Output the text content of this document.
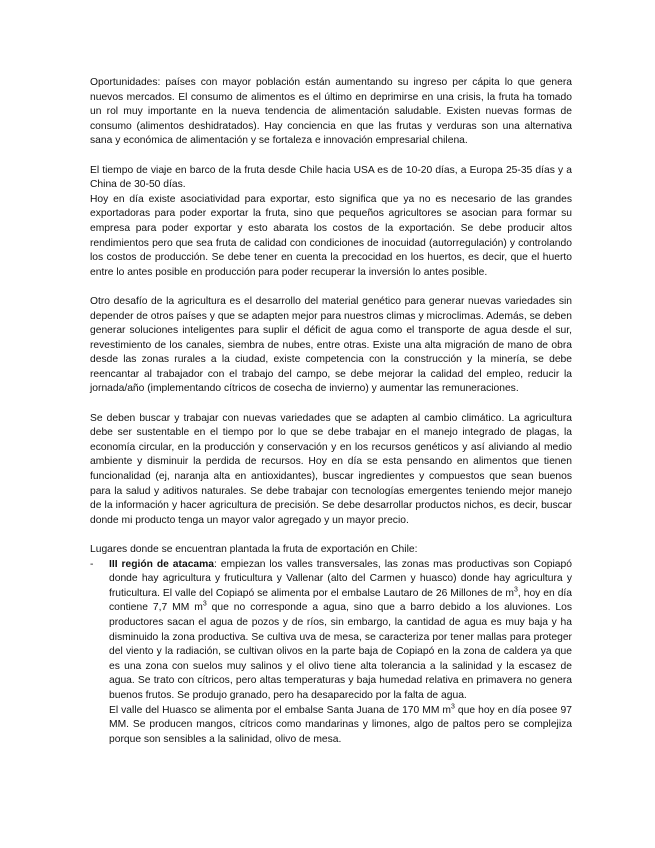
Oportunidades: países con mayor población están aumentando su ingreso per cápita lo que genera nuevos mercados. El consumo de alimentos es el último en deprimirse en una crisis, la fruta ha tomado un rol muy importante en la nueva tendencia de alimentación saludable. Existen nuevas formas de consumo (alimentos deshidratados). Hay conciencia en que las frutas y verduras son una alternativa sana y económica de alimentación y se fortaleza e innovación empresarial chilena.

El tiempo de viaje en barco de la fruta desde Chile hacia USA es de 10-20 días, a Europa 25-35 días y a China de 30-50 días.

Hoy en día existe asociatividad para exportar, esto significa que ya no es necesario de las grandes exportadoras para poder exportar la fruta, sino que pequeños agricultores se asocian para formar su empresa para poder exportar y esto abarata los costos de la exportación. Se debe producir altos rendimientos pero que sea fruta de calidad con condiciones de inocuidad (autorregulación) y controlando los costos de producción. Se debe tener en cuenta la precocidad en los huertos, es decir, que el huerto entre lo antes posible en producción para poder recuperar la inversión lo antes posible.

Otro desafío de la agricultura es el desarrollo del material genético para generar nuevas variedades sin depender de otros países y que se adapten mejor para nuestros climas y microclimas. Además, se deben generar soluciones inteligentes para suplir el déficit de agua como el transporte de agua desde el sur, revestimiento de los canales, siembra de nubes, entre otras. Existe una alta migración de mano de obra desde las zonas rurales a la ciudad, existe competencia con la construcción y la minería, se debe reencantar al trabajador con el trabajo del campo, se debe mejorar la calidad del empleo, reducir la jornada/año (implementando cítricos de cosecha de invierno) y aumentar las remuneraciones.

Se deben buscar y trabajar con nuevas variedades que se adapten al cambio climático. La agricultura debe ser sustentable en el tiempo por lo que se debe trabajar en el manejo integrado de plagas, la economía circular, en la producción y conservación y en los recursos genéticos y así aliviando al medio ambiente y disminuir la perdida de recursos. Hoy en día se esta pensando en alimentos que tienen funcionalidad (ej, naranja alta en antioxidantes), buscar ingredientes y compuestos que sean buenos para la salud y aditivos naturales. Se debe trabajar con tecnologías emergentes teniendo mejor manejo de la información y hacer agricultura de precisión. Se debe desarrollar productos nichos, es decir, buscar donde mi producto tenga un mayor valor agregado y un mayor precio.

Lugares donde se encuentran plantada la fruta de exportación en Chile:

- III región de atacama: empiezan los valles transversales, las zonas mas productivas son Copiapó donde hay agricultura y fruticultura y Vallenar (alto del Carmen y huasco) donde hay agricultura y fruticultura. El valle del Copiapó se alimenta por el embalse Lautaro de 26 Millones de $m^3$, hoy en día contiene 7,7 MM $m^3$ que no corresponde a agua, sino que a barro debido a los aluviones. Los productores sacan el agua de pozos y de ríos, sin embargo, la cantidad de agua es muy baja y ha disminuido la zona productiva. Se cultiva uva de mesa, se caracteriza por tener mallas para proteger del viento y la radiación, se cultivan olivos en la parte baja de Copiapó en la zona de caldera ya que es una zona con suelos muy salinos y el olivo tiene alta tolerancia a la salinidad y la escasez de agua. Se trato con cítricos, pero altas temperaturas y baja humedad relativa en primavera no genera buenos frutos. Se produjo granado, pero ha desaparecido por la falta de agua.

El valle del Huasco se alimenta por el embalse Santa Juana de 170 MM $m^3$ que hoy en día posee 97 MM. Se producen mangos, cítricos como mandarinas y limones, algo de paltos pero se complejiza porque son sensibles a la salinidad, olivo de mesa.
